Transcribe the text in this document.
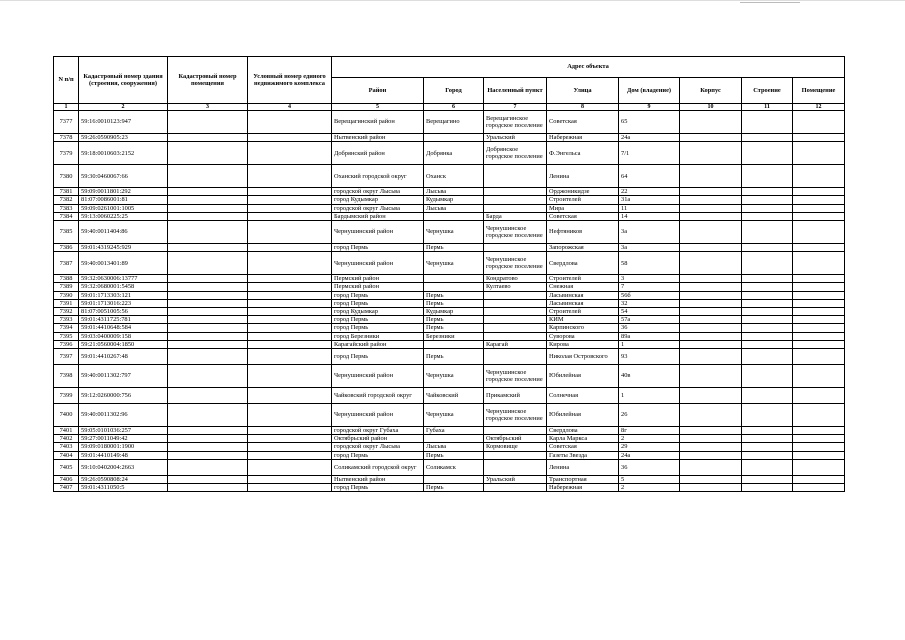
N п/п	Кадастровый номер здания (строения, сооружения)	Кадастровый номер помещения	Условный номер единого недвижимого комплекса	Адрес объекта							
				Район	Город	Населенный пункт	Улица	Дом (владение)	Корпус	Строение	Помещение
1	2	3	4	5	6	7	8	9	10	11	12
7377	59:16:0010123:947			Верещагинский район	Верещагино	Верещагинское городское поселение	Советская	65			
7378	59:26:0590905:23			Нытвенский район		Уральский	Набережная	24а			
7379	59:18:0010603:2152			Добрянский район	Добрянка	Добрянское городское поселение	Ф.Энгельса	7/1			
7380	59:30:0460067:66			Оханский городской округ	Оханск		Ленина	64			
7381	59:09:0011801:292			городской округ Лысьва	Лысьва		Орджоникидзе	22			
7382	81:07:0086001:81			город Кудымкар	Кудымкар		Строителей	31а			
7383	59:09:0261001:1005			городской округ Лысьва	Лысьва		Мира	11			
7384	59:13:0060225:25			Бардымский район		Барда	Советская	14			
7385	59:40:0011404:86			Чернушинский район	Чернушка	Чернушинское городское поселение	Нефтяников	3а			
7386	59:01:4319245:929			город Пермь	Пермь		Запорожская	3а			
7387	59:40:0013401:89			Чернушинский район	Чернушка	Чернушинское городское поселение	Свердлова	58			
7388	59:32:0630006:13777			Пермский район		Кондратово	Строителей	3			
7389	59:32:0680001:5458			Пермский район		Култаево	Снежная	7			
7390	59:01:1713303:121			город Пермь	Пермь		Ласьвинская	56б			
7391	59:01:1713016:223			город Пермь	Пермь		Ласьвинская	32			
7392	81:07:0051005:56			город Кудымкар	Кудымкар		Строителей	54			
7393	59:01:4311725:781			город Пермь	Пермь		КИМ	57а			
7394	59:01:4410648:584			город Пермь	Пермь		Карпинского	36			
7395	59:03:0400009:158			город Березники	Березники		Суворова	89а			
7396	59:21:0560004:1850			Карагайский район		Карагай	Кирова	1			
7397	59:01:4410267:48			город Пермь	Пермь		Николая Островского	93			
7398	59:40:0011302:797			Чернушинский район	Чернушка	Чернушинское городское поселение	Юбилейная	40в			
7399	59:12:0260000:756			Чайковский городской округ	Чайковский	Прикамский	Солнечная	1			
7400	59:40:0011302:96			Чернушинский район	Чернушка	Чернушинское городское поселение	Юбилейная	26			
7401	59:05:0101036:257			городской округ Губаха	Губаха		Свердлова	8г			
7402	59:27:0011049:42			Октябрьский район		Октябрьский	Карла Маркса	2			
7403	59:09:0180001:1900			городской округ Лысьва	Лысьва	Кормовище	Советская	29			
7404	59:01:4410149:48			город Пермь	Пермь		Газеты Звезда	24а			
7405	59:10:0402004:2663			Соликамский городской округ	Соликамск		Ленина	36			
7406	59:26:0590808:24			Нытвенский район		Уральский	Транспортная	5			
7407	59:01:4311050:5			город Пермь	Пермь		Набережная	2			
